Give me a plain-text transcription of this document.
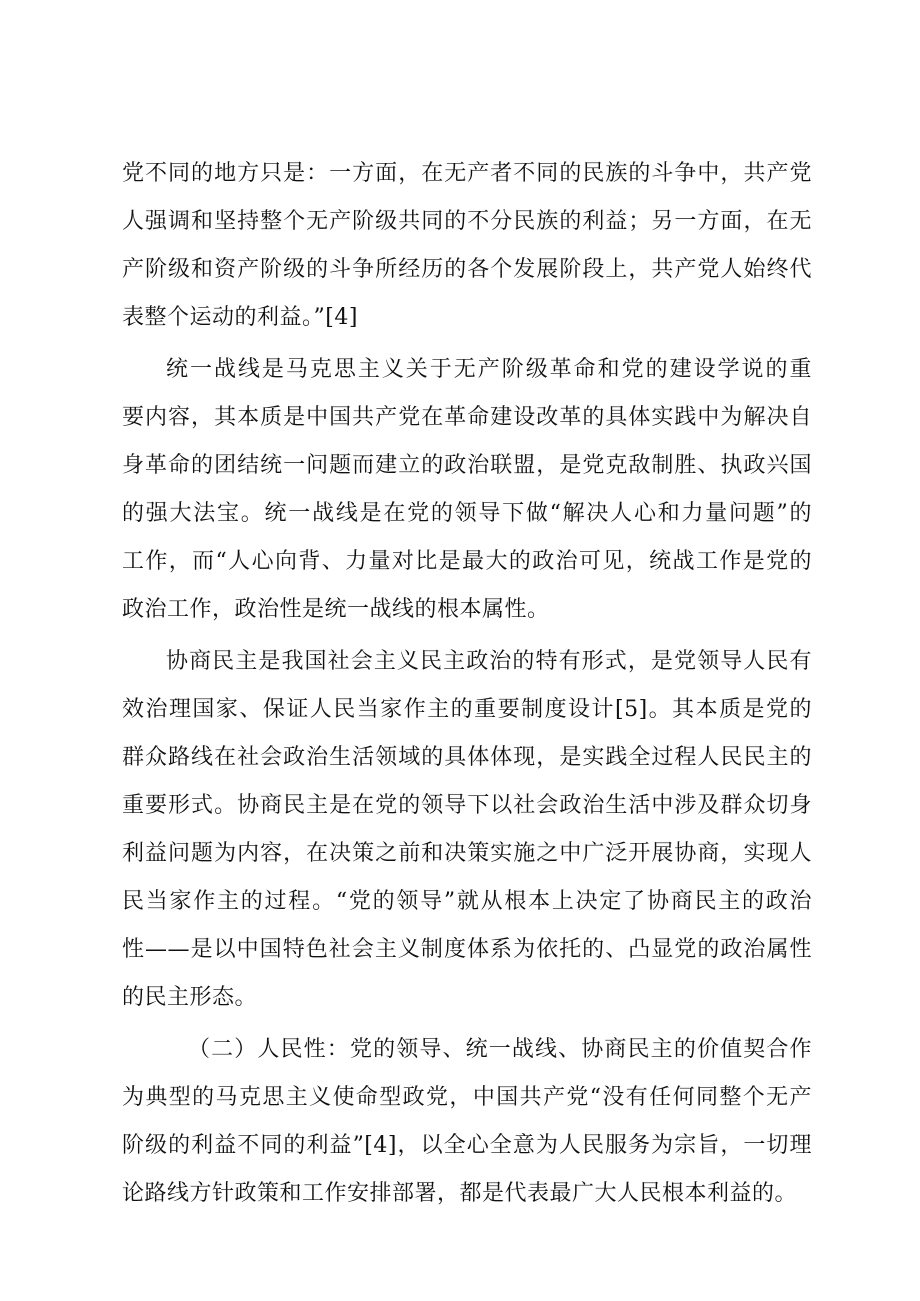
党不同的地方只是：一方面，在无产者不同的民族的斗争中，共产党
人强调和坚持整个无产阶级共同的不分民族的利益；另一方面，在无
产阶级和资产阶级的斗争所经历的各个发展阶段上，共产党人始终代
表整个运动的利益。”[4]
统一战线是马克思主义关于无产阶级革命和党的建设学说的重
要内容，其本质是中国共产党在革命建设改革的具体实践中为解决自
身革命的团结统一问题而建立的政治联盟，是党克敌制胜、执政兴国
的强大法宝。统一战线是在党的领导下做“解决人心和力量问题”的
工作，而“人心向背、力量对比是最大的政治可见，统战工作是党的
政治工作，政治性是统一战线的根本属性。
协商民主是我国社会主义民主政治的特有形式，是党领导人民有
效治理国家、保证人民当家作主的重要制度设计[5]。其本质是党的
群众路线在社会政治生活领域的具体体现，是实践全过程人民民主的
重要形式。协商民主是在党的领导下以社会政治生活中涉及群众切身
利益问题为内容，在决策之前和决策实施之中广泛开展协商，实现人
民当家作主的过程。“党的领导”就从根本上决定了协商民主的政治
性——是以中国特色社会主义制度体系为依托的、凸显党的政治属性
的民主形态。
（二）人民性：党的领导、统一战线、协商民主的价值契合作
为典型的马克思主义使命型政党，中国共产党“没有任何同整个无产
阶级的利益不同的利益”[4]，以全心全意为人民服务为宗旨，一切理
论路线方针政策和工作安排部署，都是代表最广大人民根本利益的。
